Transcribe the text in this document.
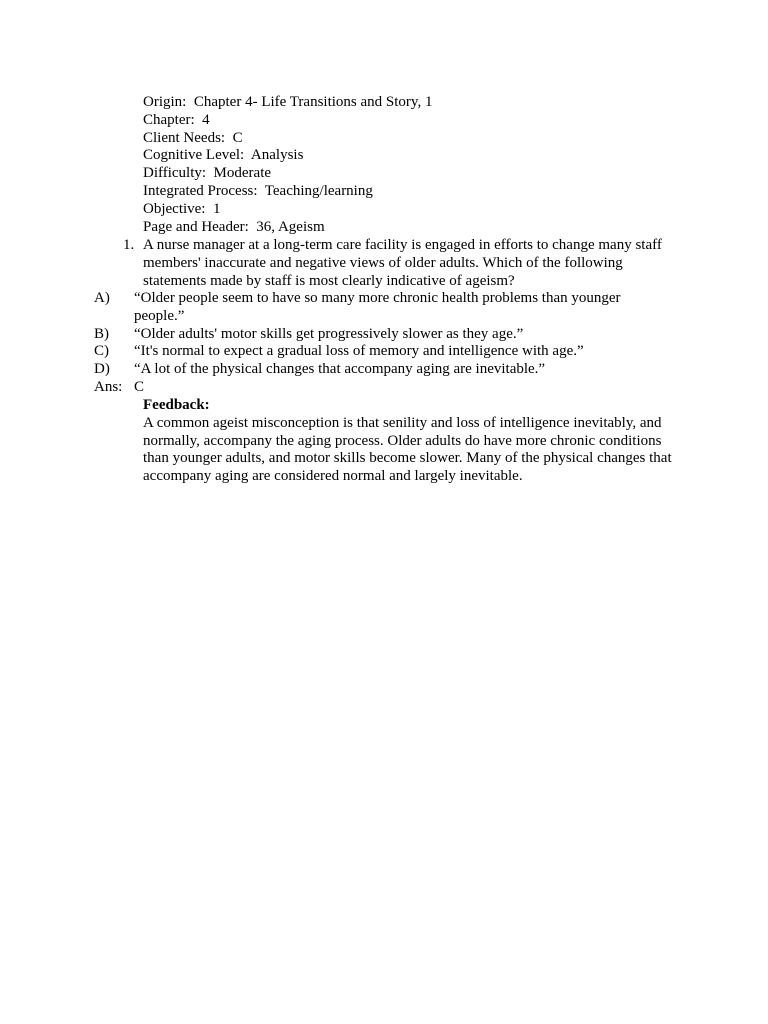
Origin: Chapter 4- Life Transitions and Story, 1
Chapter: 4
Client Needs: C
Cognitive Level: Analysis
Difficulty: Moderate
Integrated Process: Teaching/learning
Objective: 1
Page and Header: 36, Ageism
1. A nurse manager at a long-term care facility is engaged in efforts to change many staff members' inaccurate and negative views of older adults. Which of the following statements made by staff is most clearly indicative of ageism?
A) “Older people seem to have so many more chronic health problems than younger people.”
B) “Older adults' motor skills get progressively slower as they age.”
C) “It's normal to expect a gradual loss of memory and intelligence with age.”
D) “A lot of the physical changes that accompany aging are inevitable.”
Ans: C
Feedback:
A common ageist misconception is that senility and loss of intelligence inevitably, and normally, accompany the aging process. Older adults do have more chronic conditions than younger adults, and motor skills become slower. Many of the physical changes that accompany aging are considered normal and largely inevitable.
